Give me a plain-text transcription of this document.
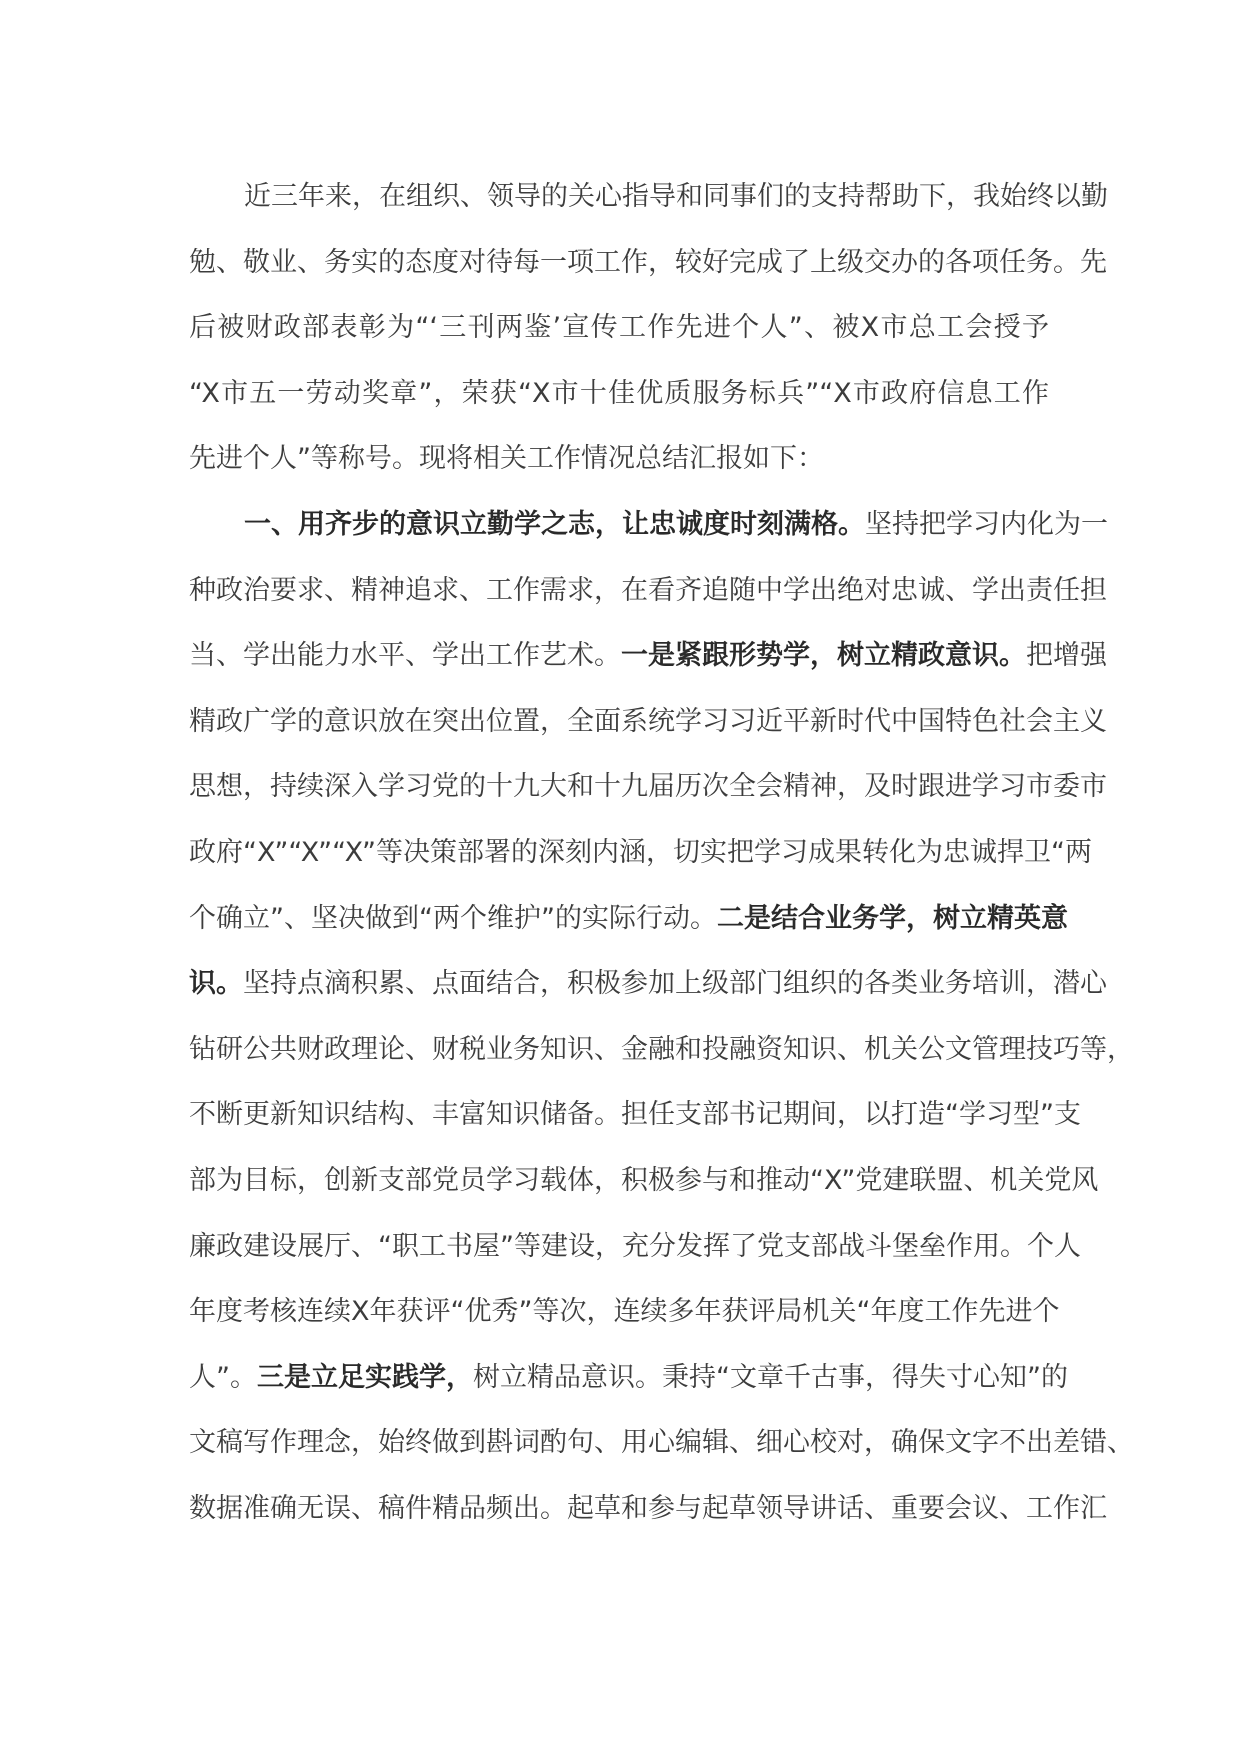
近三年来，在组织、领导的关心指导和同事们的支持帮助下，我始终以勤
勉、敬业、务实的态度对待每一项工作，较好完成了上级交办的各项任务。先
后被财政部表彰为“‘三刊两鉴’宣传工作先进个人”、被X市总工会授予
“X市五一劳动奖章”，荣获“X市十佳优质服务标兵”“X市政府信息工作
先进个人”等称号。现将相关工作情况总结汇报如下：
一、用齐步的意识立勤学之志，让忠诚度时刻满格。坚持把学习内化为一
种政治要求、精神追求、工作需求，在看齐追随中学出绝对忠诚、学出责任担
当、学出能力水平、学出工作艺术。一是紧跟形势学，树立精政意识。把增强
精政广学的意识放在突出位置，全面系统学习习近平新时代中国特色社会主义
思想，持续深入学习党的十九大和十九届历次全会精神，及时跟进学习市委市
政府“X”“X”“X”等决策部署的深刻内涵，切实把学习成果转化为忠诚捍卫“两
个确立”、坚决做到“两个维护”的实际行动。二是结合业务学，树立精英意
识。坚持点滴积累、点面结合，积极参加上级部门组织的各类业务培训，潜心
钻研公共财政理论、财税业务知识、金融和投融资知识、机关公文管理技巧等，
不断更新知识结构、丰富知识储备。担任支部书记期间，以打造“学习型”支
部为目标，创新支部党员学习载体，积极参与和推动“X”党建联盟、机关党风
廉政建设展厅、“职工书屋”等建设，充分发挥了党支部战斗堡垒作用。个人
年度考核连续X年获评“优秀”等次，连续多年获评局机关“年度工作先进个
人”。三是立足实践学，树立精品意识。秉持“文章千古事，得失寸心知”的
文稿写作理念，始终做到斟词酌句、用心编辑、细心校对，确保文字不出差错、
数据准确无误、稿件精品频出。起草和参与起草领导讲话、重要会议、工作汇
